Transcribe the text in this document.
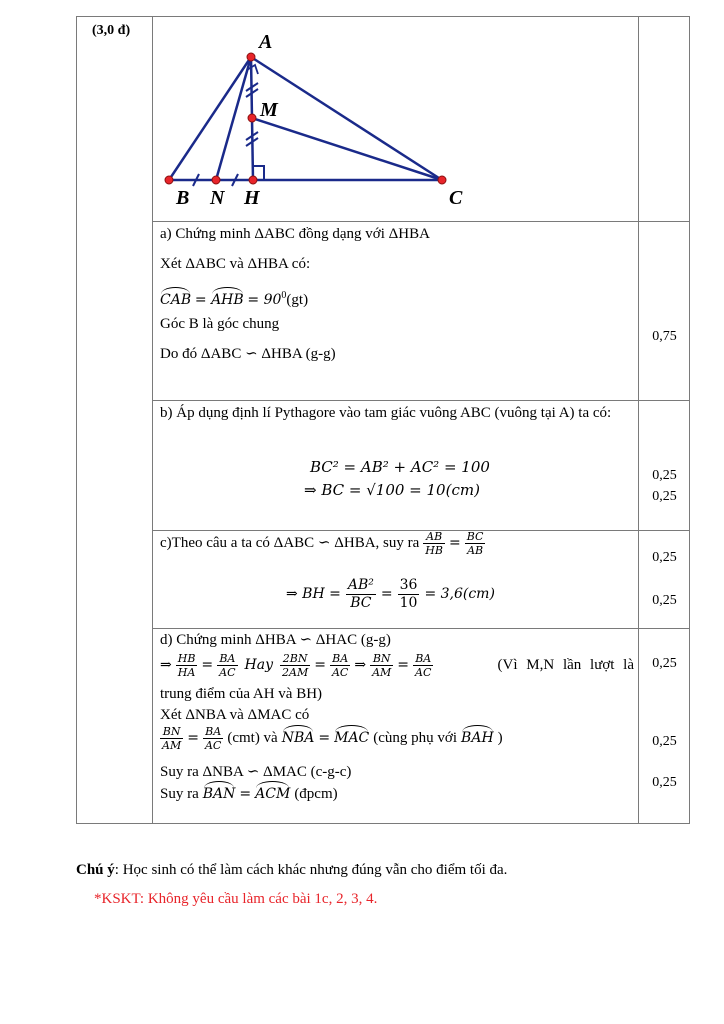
(3,0 đ)
A
M
B N H	C
a) Chứng minh ΔABC đồng dạng với ΔHBA
Xét ΔABC và ΔHBA có:
CAB = AHB = $90^0(gt)$
Góc B là góc chung
Do đó ΔABC ∽ ΔHBA (g-g)
0,75
b) Áp dụng định lí Pythagore vào tam giác vuông ABC (vuông tại A) ta có:
BC² = AB² + AC² = 100
⇒ BC = √100 = 10(cm)
0,25
0,25
c)Theo câu a ta có ΔABC ∽ ΔHBA, suy ra $\frac{AB}{HB} = \frac{BC}{AB}$
⇒ BH = $\frac{\text{AB²}}{BC} = \frac{36}{10} = 3,6(cm)$
0,25
0,25
d) Chứng minh ΔHBA ∽ ΔHAC (g-g)
⇒ $\frac{HB}{HA} = \frac{BA}{AC}$ Hay $\frac{2BN}{2AM} = \frac{BA}{AC}$ ⇒ $\frac{BN}{AM} = \frac{BA}{AC}$	(Vì M,N lần lượt là
trung điểm của AH và BH)
Xét ΔNBA và ΔMAC có
$\frac{BN}{AM} = \frac{BA}{AC} (cmt)$ và NBA = MAC (cùng phụ với BAH )
Suy ra ΔNBA ∽ ΔMAC (c-g-c)
Suy ra BAN = ACM (đpcm)
0,25
0,25
0,25
Chú ý: Học sinh có thể làm cách khác nhưng đúng vẫn cho điểm tối đa.
*KSKT: Không yêu cầu làm các bài 1c, 2, 3, 4.
